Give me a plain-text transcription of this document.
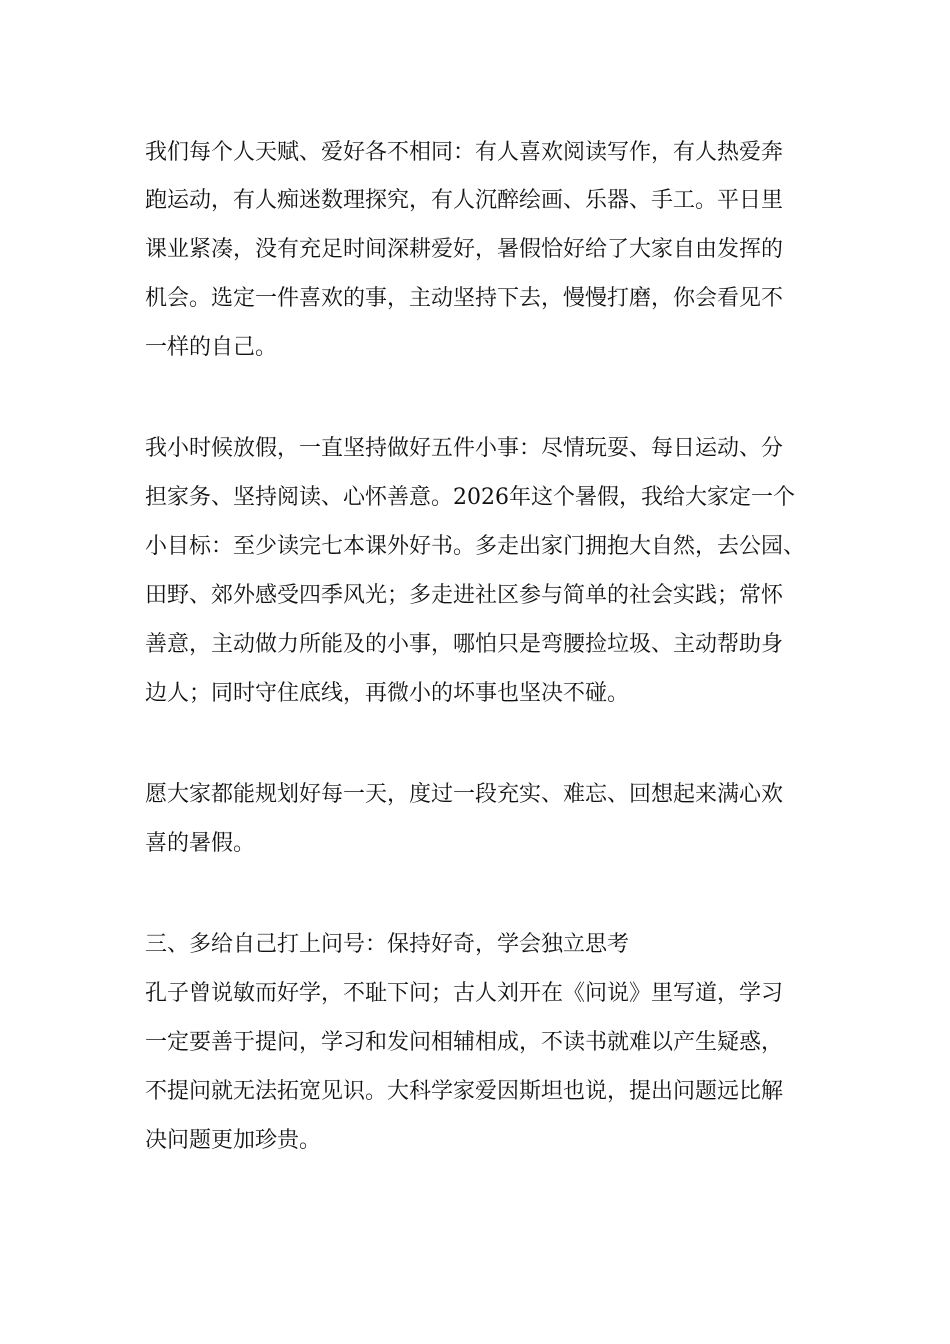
我们每个人天赋、爱好各不相同：有人喜欢阅读写作，有人热爱奔
跑运动，有人痴迷数理探究，有人沉醉绘画、乐器、手工。平日里
课业紧凑，没有充足时间深耕爱好，暑假恰好给了大家自由发挥的
机会。选定一件喜欢的事，主动坚持下去，慢慢打磨，你会看见不
一样的自己。
我小时候放假，一直坚持做好五件小事：尽情玩耍、每日运动、分
担家务、坚持阅读、心怀善意。2026年这个暑假，我给大家定一个
小目标：至少读完七本课外好书。多走出家门拥抱大自然，去公园、
田野、郊外感受四季风光；多走进社区参与简单的社会实践；常怀
善意，主动做力所能及的小事，哪怕只是弯腰捡垃圾、主动帮助身
边人；同时守住底线，再微小的坏事也坚决不碰。
愿大家都能规划好每一天，度过一段充实、难忘、回想起来满心欢
喜的暑假。
三、多给自己打上问号：保持好奇，学会独立思考
孔子曾说敏而好学，不耻下问；古人刘开在《问说》里写道，学习
一定要善于提问，学习和发问相辅相成，不读书就难以产生疑惑，
不提问就无法拓宽见识。大科学家爱因斯坦也说，提出问题远比解
决问题更加珍贵。
